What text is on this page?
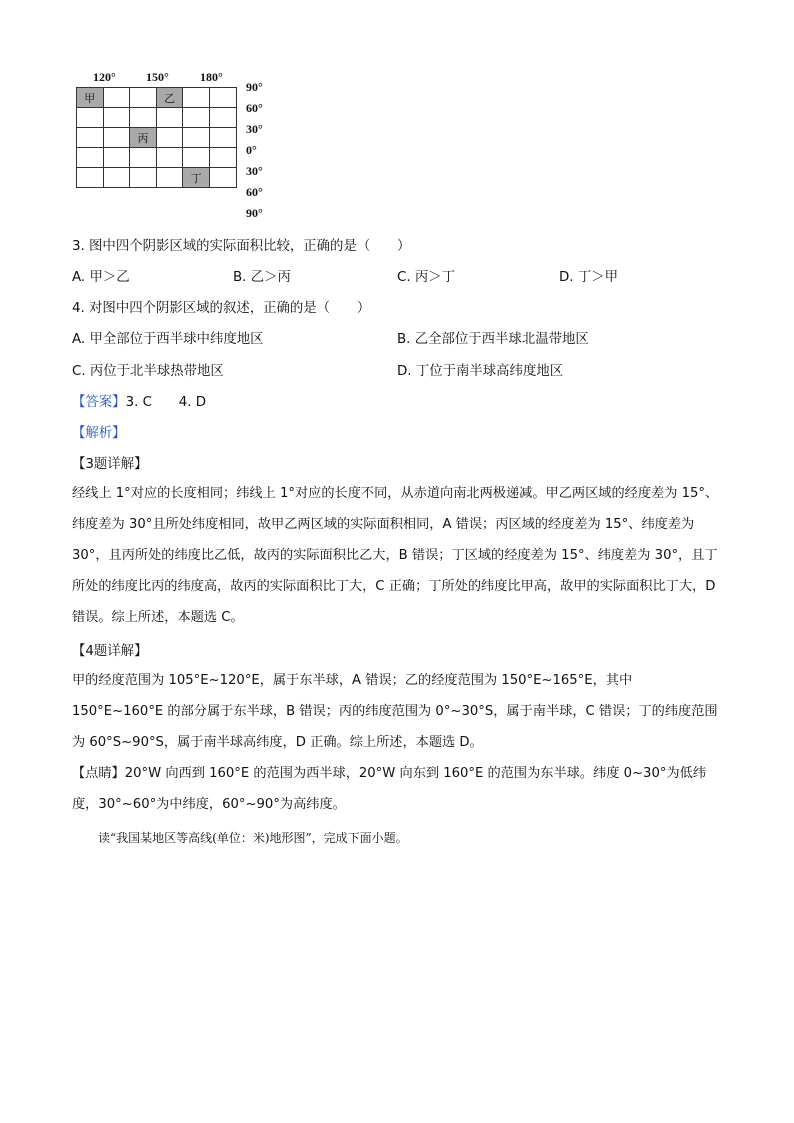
120°	150°	180°
90°
60°
30°
0°
30°
60°
90°
甲			乙		

		丙			

				丁	
3. 图中四个阴影区域的实际面积比较，正确的是（　　）
A. 甲＞乙	B. 乙＞丙	C. 丙＞丁	D. 丁＞甲
4. 对图中四个阴影区域的叙述，正确的是（　　）
A. 甲全部位于西半球中纬度地区	B. 乙全部位于西半球北温带地区
C. 丙位于北半球热带地区	D. 丁位于南半球高纬度地区
【答案】3. C　　4. D
【解析】
【3题详解】
经线上 1°对应的长度相同；纬线上 1°对应的长度不同，从赤道向南北两极递减。甲乙两区域的经度差为 15°、纬度差为 30°且所处纬度相同，故甲乙两区域的实际面积相同，A 错误；丙区域的经度差为 15°、纬度差为 30°，且丙所处的纬度比乙低，故丙的实际面积比乙大，B 错误；丁区域的经度差为 15°、纬度差为 30°，且丁所处的纬度比丙的纬度高，故丙的实际面积比丁大，C 正确；丁所处的纬度比甲高，故甲的实际面积比丁大，D 错误。综上所述，本题选 C。
【4题详解】
甲的经度范围为 105°E~120°E，属于东半球，A 错误；乙的经度范围为 150°E~165°E，其中 150°E~160°E 的部分属于东半球，B 错误；丙的纬度范围为 0°~30°S，属于南半球，C 错误；丁的纬度范围为 60°S~90°S，属于南半球高纬度，D 正确。综上所述，本题选 D。
【点睛】20°W 向西到 160°E 的范围为西半球，20°W 向东到 160°E 的范围为东半球。纬度 0~30°为低纬度，30°~60°为中纬度，60°~90°为高纬度。
读“我国某地区等高线(单位：米)地形图”，完成下面小题。
